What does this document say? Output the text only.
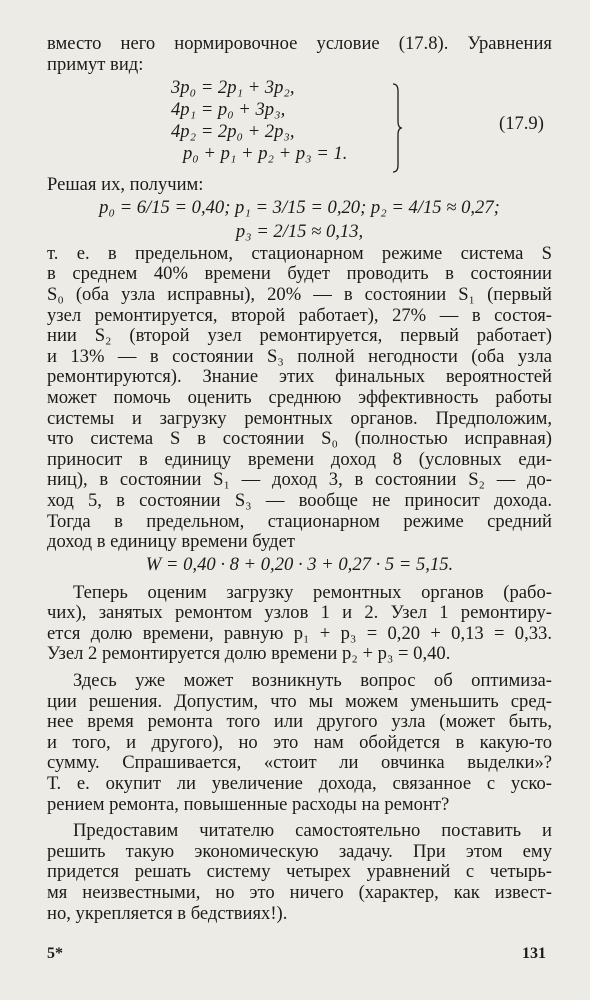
вместо него нормировочное условие (17.8). Уравнения
примут вид:
3p₀ = 2p₁ + 3p₂,
4p₁ = p₀ + 3p₃,
4p₂ = 2p₀ + 2p₃,
p₀ + p₁ + p₂ + p₃ = 1.
(17.9)
Решая их, получим:
p₀ = 6/15 = 0,40; p₁ = 3/15 = 0,20; p₂ = 4/15 ≈ 0,27;
p₃ = 2/15 ≈ 0,13,
т. е. в предельном, стационарном режиме система S
в среднем 40% времени будет проводить в состоянии
S₀ (оба узла исправны), 20% — в состоянии S₁ (первый
узел ремонтируется, второй работает), 27% — в состоя-
нии S₂ (второй узел ремонтируется, первый работает)
и 13% — в состоянии S₃ полной негодности (оба узла
ремонтируются). Знание этих финальных вероятностей
может помочь оценить среднюю эффективность работы
системы и загрузку ремонтных органов. Предположим,
что система S в состоянии S₀ (полностью исправная)
приносит в единицу времени доход 8 (условных еди-
ниц), в состоянии S₁ — доход 3, в состоянии S₂ — до-
ход 5, в состоянии S₃ — вообще не приносит дохода.
Тогда в предельном, стационарном режиме средний
доход в единицу времени будет
W = 0,40 · 8 + 0,20 · 3 + 0,27 · 5 = 5,15.
Теперь оценим загрузку ремонтных органов (рабо-
чих), занятых ремонтом узлов 1 и 2. Узел 1 ремонтиру-
ется долю времени, равную p₁ + p₃ = 0,20 + 0,13 = 0,33.
Узел 2 ремонтируется долю времени p₂ + p₃ = 0,40.
Здесь уже может возникнуть вопрос об оптимиза-
ции решения. Допустим, что мы можем уменьшить сред-
нее время ремонта того или другого узла (может быть,
и того, и другого), но это нам обойдется в какую-то
сумму. Спрашивается, «стоит ли овчинка выделки»?
Т. е. окупит ли увеличение дохода, связанное с уско-
рением ремонта, повышенные расходы на ремонт?
Предоставим читателю самостоятельно поставить и
решить такую экономическую задачу. При этом ему
придется решать систему четырех уравнений с четырь-
мя неизвестными, но это ничего (характер, как извест-
но, укрепляется в бедствиях!).
5*	131
